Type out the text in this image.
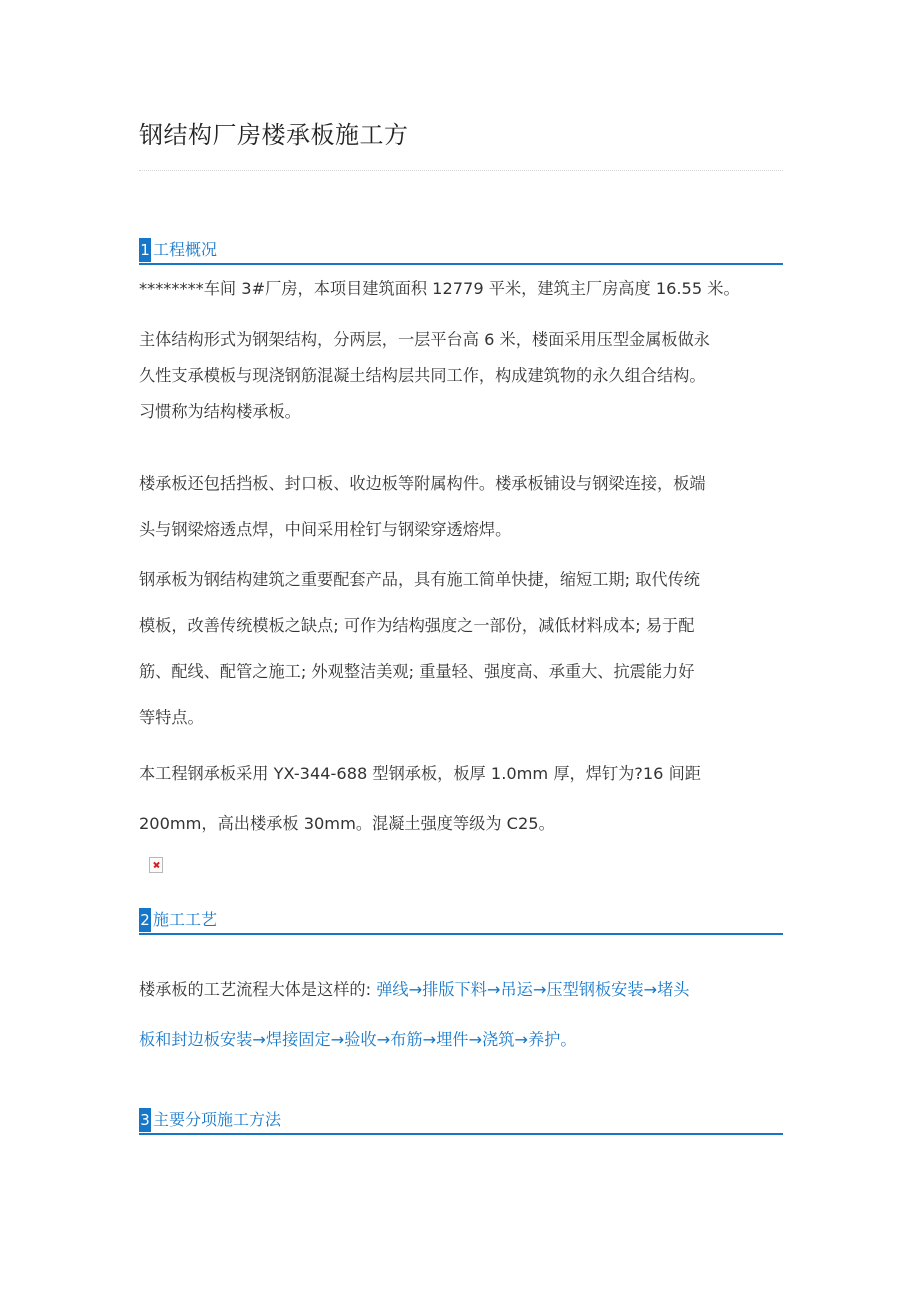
钢结构厂房楼承板施工方
1 工程概况
********车间 3#厂房，本项目建筑面积 12779 平米，建筑主厂房高度 16.55 米。
主体结构形式为钢架结构，分两层，一层平台高 6 米，楼面采用压型金属板做永
久性支承模板与现浇钢筋混凝土结构层共同工作，构成建筑物的永久组合结构。
习惯称为结构楼承板。
楼承板还包括挡板、封口板、收边板等附属构件。楼承板铺设与钢梁连接，板端
头与钢梁熔透点焊，中间采用栓钉与钢梁穿透熔焊。
钢承板为钢结构建筑之重要配套产品，具有施工简单快捷，缩短工期; 取代传统
模板，改善传统模板之缺点; 可作为结构强度之一部份，减低材料成本; 易于配
筋、配线、配管之施工; 外观整洁美观; 重量轻、强度高、承重大、抗震能力好
等特点。
本工程钢承板采用 YX-344-688 型钢承板，板厚 1.0mm 厚，焊钉为?16 间距
200mm，高出楼承板 30mm。混凝土强度等级为 C25。
2 施工工艺
楼承板的工艺流程大体是这样的: 弹线→排版下料→吊运→压型钢板安装→堵头
板和封边板安装→焊接固定→验收→布筋→埋件→浇筑→养护。
3 主要分项施工方法
